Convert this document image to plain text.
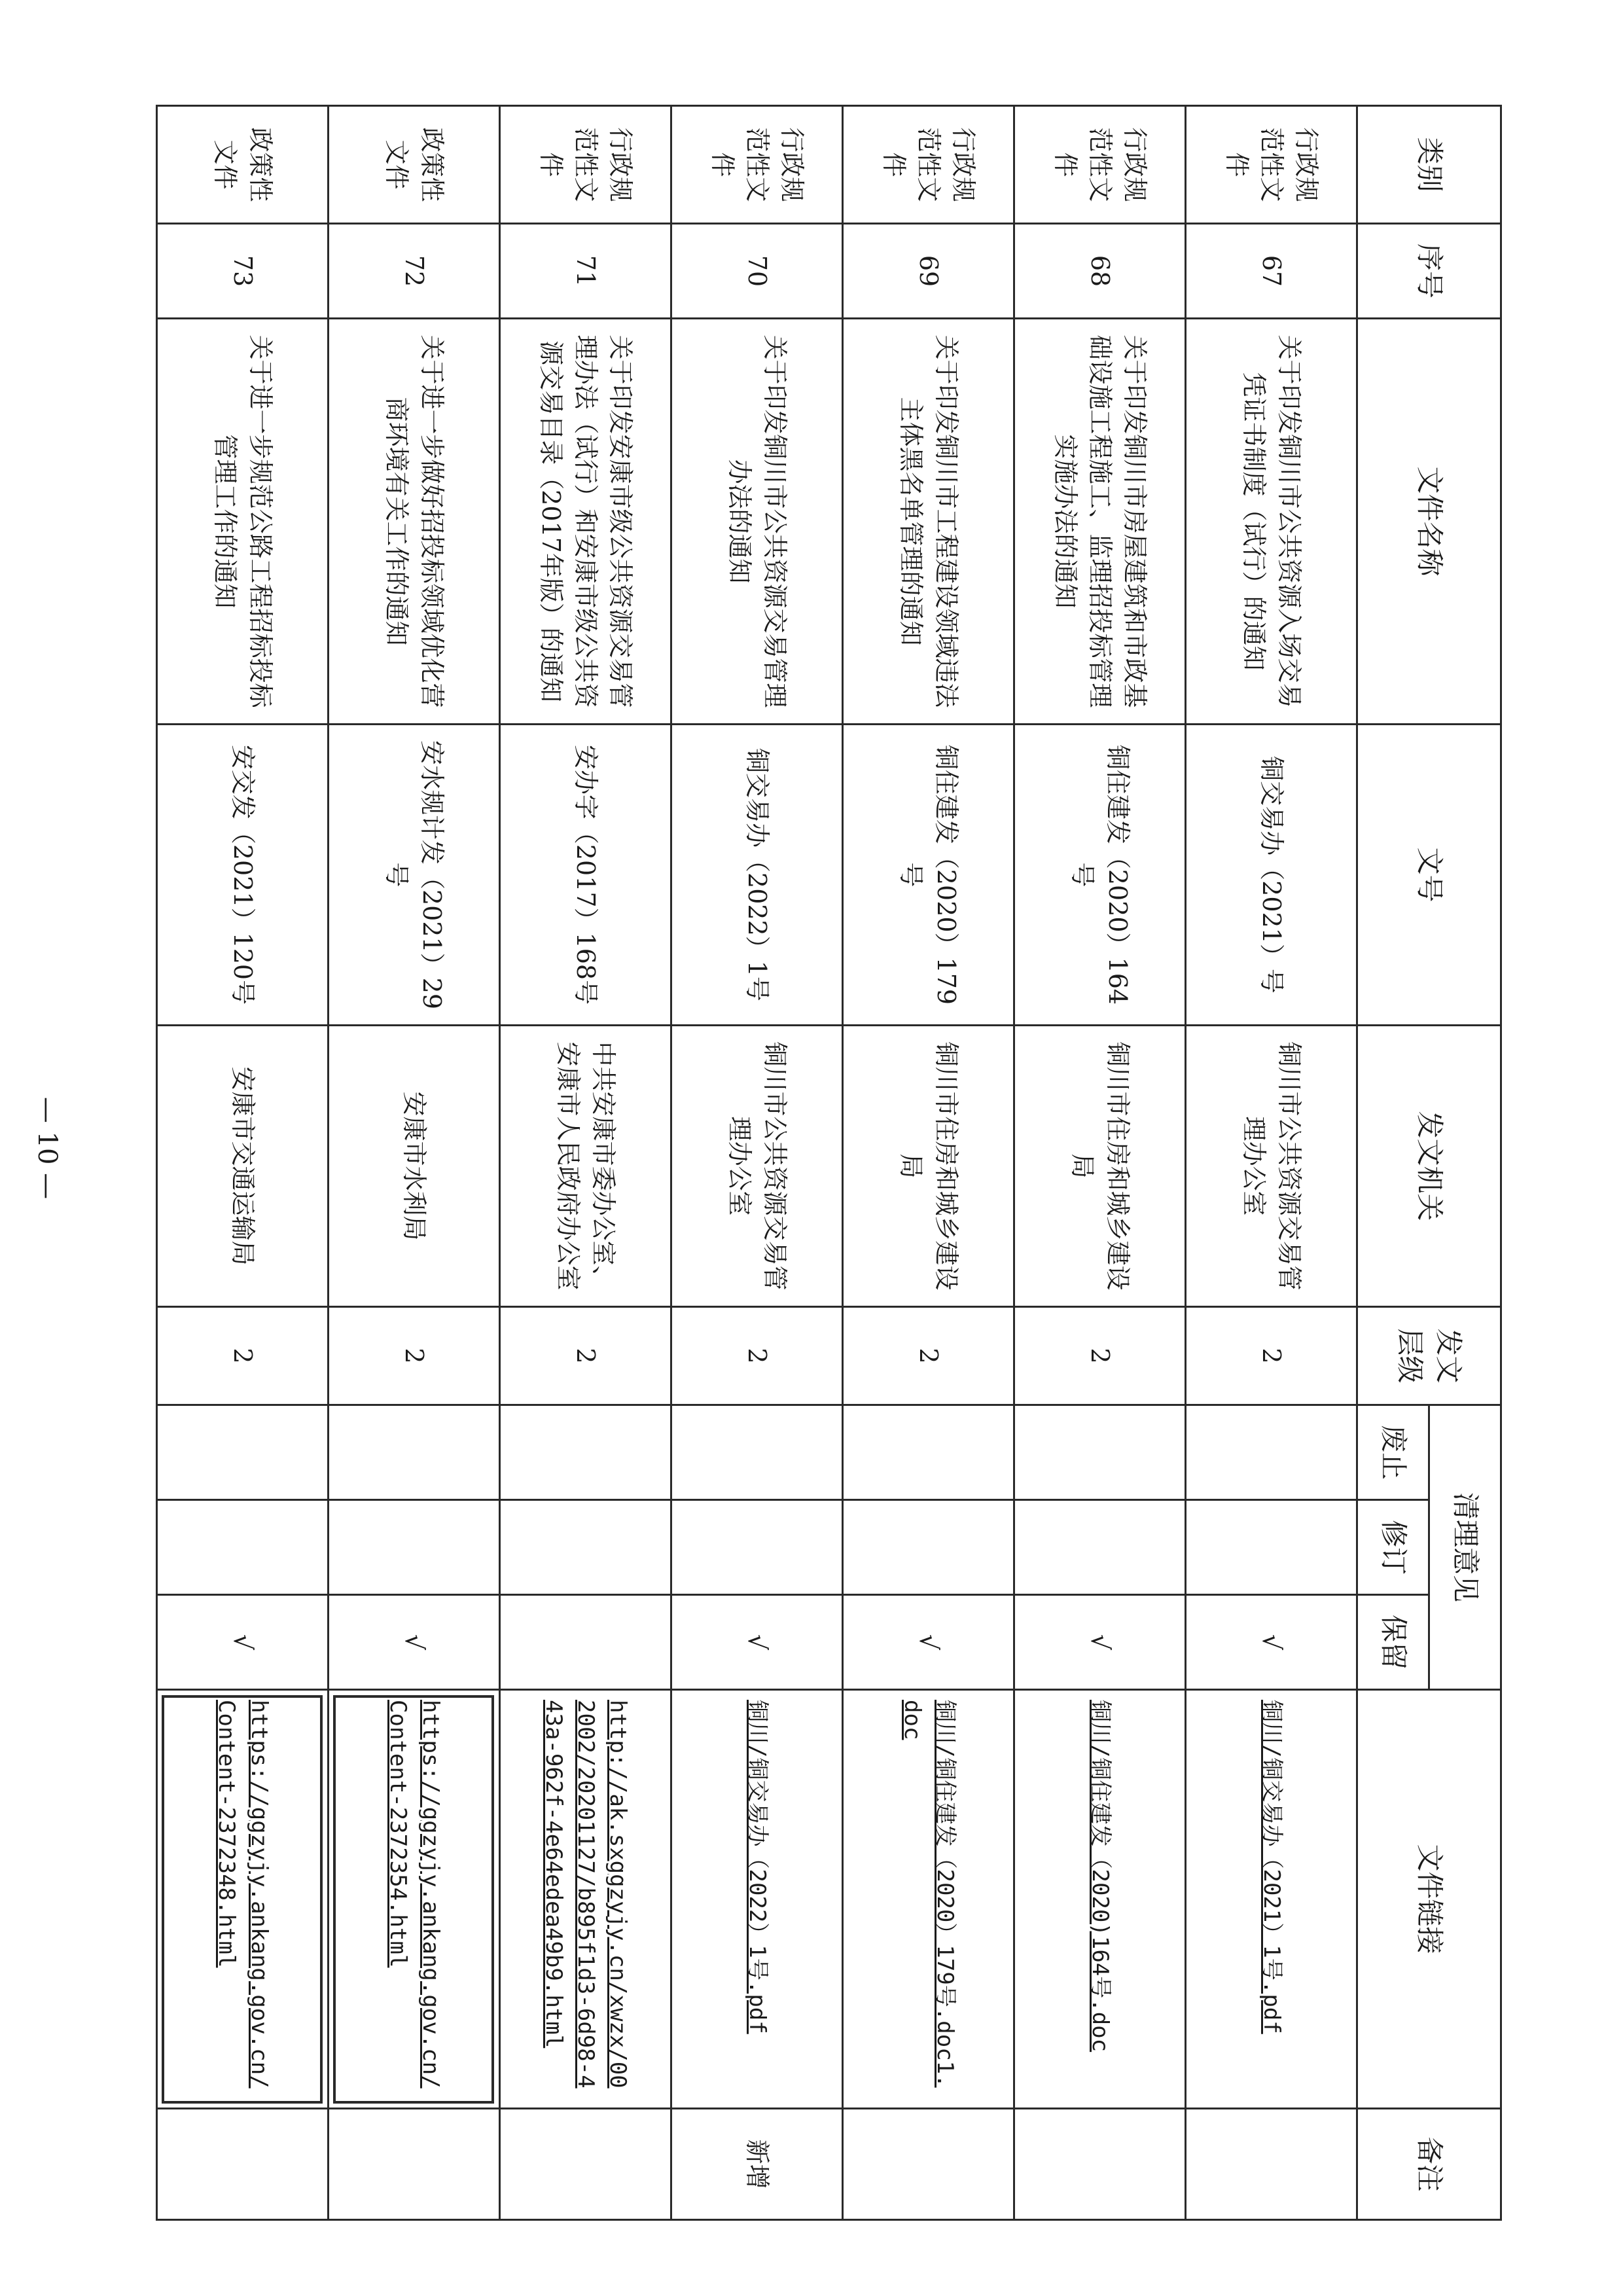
类别	序号	文件名称	文号	发文机关	发文层级	清理意见			文件链接	备注
						废止	修订	保留		
行政规范性文件	67	关于印发铜川市公共资源入场交易凭证书制度（试行）的通知	铜交易办（2021）号	铜川市公共资源交易管理办公室	2			√	铜川/铜交易办（2021）1号.pdf	
行政规范性文件	68	关于印发铜川市房屋建筑和市政基础设施工程施工、监理招投标管理实施办法的通知	铜住建发（2020）164号	铜川市住房和城乡建设局	2			√	铜川/铜住建发（2020)164号.doc	
行政规范性文件	69	关于印发铜川市工程建设领域违法主体黑名单管理的通知	铜住建发（2020）179号	铜川市住房和城乡建设局	2			√	铜川/铜住建发（2020）179号.doc1.doc	
行政规范性文件	70	关于印发铜川市公共资源交易管理办法的通知	铜交易办（2022）1号	铜川市公共资源交易管理办公室	2			√	铜川/铜交易办（2022）1号.pdf	新增
行政规范性文件	71	关于印发安康市级公共资源交易管理办法（试行）和安康市级公共资源交易目录（2017年版）的通知	安办字（2017）168号	中共安康市委办公室、安康市人民政府办公室	2				http://ak.sxggzyjy.cn/xwzx/002002/20201127/b895f1d3-6d98-443a-962f-4e64edea49b9.html	
政策性文件	72	关于进一步做好招投标领域优化营商环境有关工作的通知	安水规计发（2021）29号	安康市水利局	2			√	https://ggzyjy.ankang.gov.cn/Content-2372354.html	
政策性文件	73	关于进一步规范公路工程招标投标管理工作的通知	安交发（2021）120号	安康市交通运输局	2			√	https://ggzyjy.ankang.gov.cn/Content-2372348.html	
— 10 —
